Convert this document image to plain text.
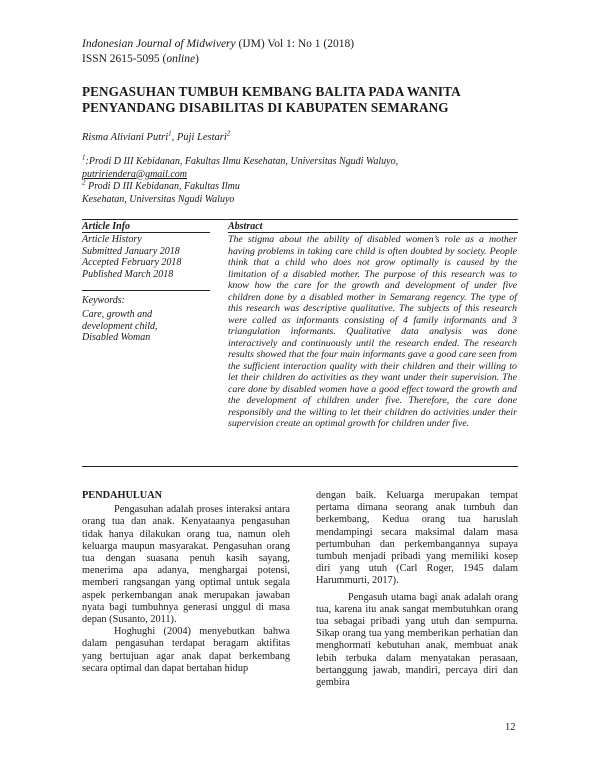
Indonesian Journal of Midwivery (IJM) Vol 1: No 1 (2018)
ISSN 2615-5095 (online)
PENGASUHAN TUMBUH KEMBANG BALITA PADA WANITA
PENYANDANG DISABILITAS DI KABUPATEN SEMARANG
Risma Aliviani Putri$^1$, Puji Lestari$^2$
$^1$:Prodi D III Kebidanan, Fakultas Ilmu Kesehatan, Universitas Ngudi Waluyo,
putririendera@gmail.com
$^2$ Prodi D III Kebidanan, Fakultas Ilmu
Kesehatan, Universitas Ngudi Waluyo
Article Info	Abstract
Article History
Submitted January 2018
Accepted February 2018
Published March 2018
Keywords:
Care, growth and
development child,
Disabled Woman
The stigma about the ability of disabled women’s role as a mother having problems in taking care child is often doubted by society. People think that a child who does not grow optimally is caused by the limitation of a disabled mother. The purpose of this research was to know how the care for the growth and development of under five children done by a disabled mother in Semarang regency. The type of this research was descriptive qualitative. The subjects of this research were called as informants consisting of 4 family informants and 3 triangulation informants. Qualitative data analysis was done interactively and continuously until the research ended. The research results showed that the four main informants gave a good care seen from the sufficient interaction quality with their children and their willing to let their children do activities as they want under their supervision. The care done by disabled women have a good effect toward the growth and the development of children under five. Therefore, the care done responsibly and the willing to let their children do activities under their supervision create an optimal growth for children under five.
PENDAHULUAN

Pengasuhan adalah proses interaksi antara orang tua dan anak. Kenyataanya pengasuhan tidak hanya dilakukan orang tua, namun oleh keluarga maupun masyarakat. Pengasuhan orang tua dengan suasana penuh kasih sayang, menerima apa adanya, menghargai potensi, memberi rangsangan yang optimal untuk segala aspek perkembangan anak merupakan jawaban nyata bagi tumbuhnya generasi unggul di masa depan (Susanto, 2011).

Hoghughi (2004) menyebutkan bahwa dalam pengasuhan terdapat beragam aktifitas yang bertujuan agar anak dapat berkembang secara optimal dan dapat bertahan hidup

dengan baik. Keluarga merupakan tempat pertama dimana seorang anak tumbuh dan berkembang, Kedua orang tua haruslah mendampingi secara maksimal dalam masa pertumbuhan dan perkembangannya supaya tumbuh menjadi pribadi yang memiliki kosep diri yang utuh (Carl Roger, 1945 dalam Harummurti, 2017).

Pengasuh utama bagi anak adalah orang tua, karena itu anak sangat membutuhkan orang tua sebagai pribadi yang utuh dan sempurna. Sikap orang tua yang memberikan perhatian dan menghormati kebutuhan anak, membuat anak lebih terbuka dalam menyatakan perasaan, bertanggung jawab, mandiri, percaya diri dan gembira

12
